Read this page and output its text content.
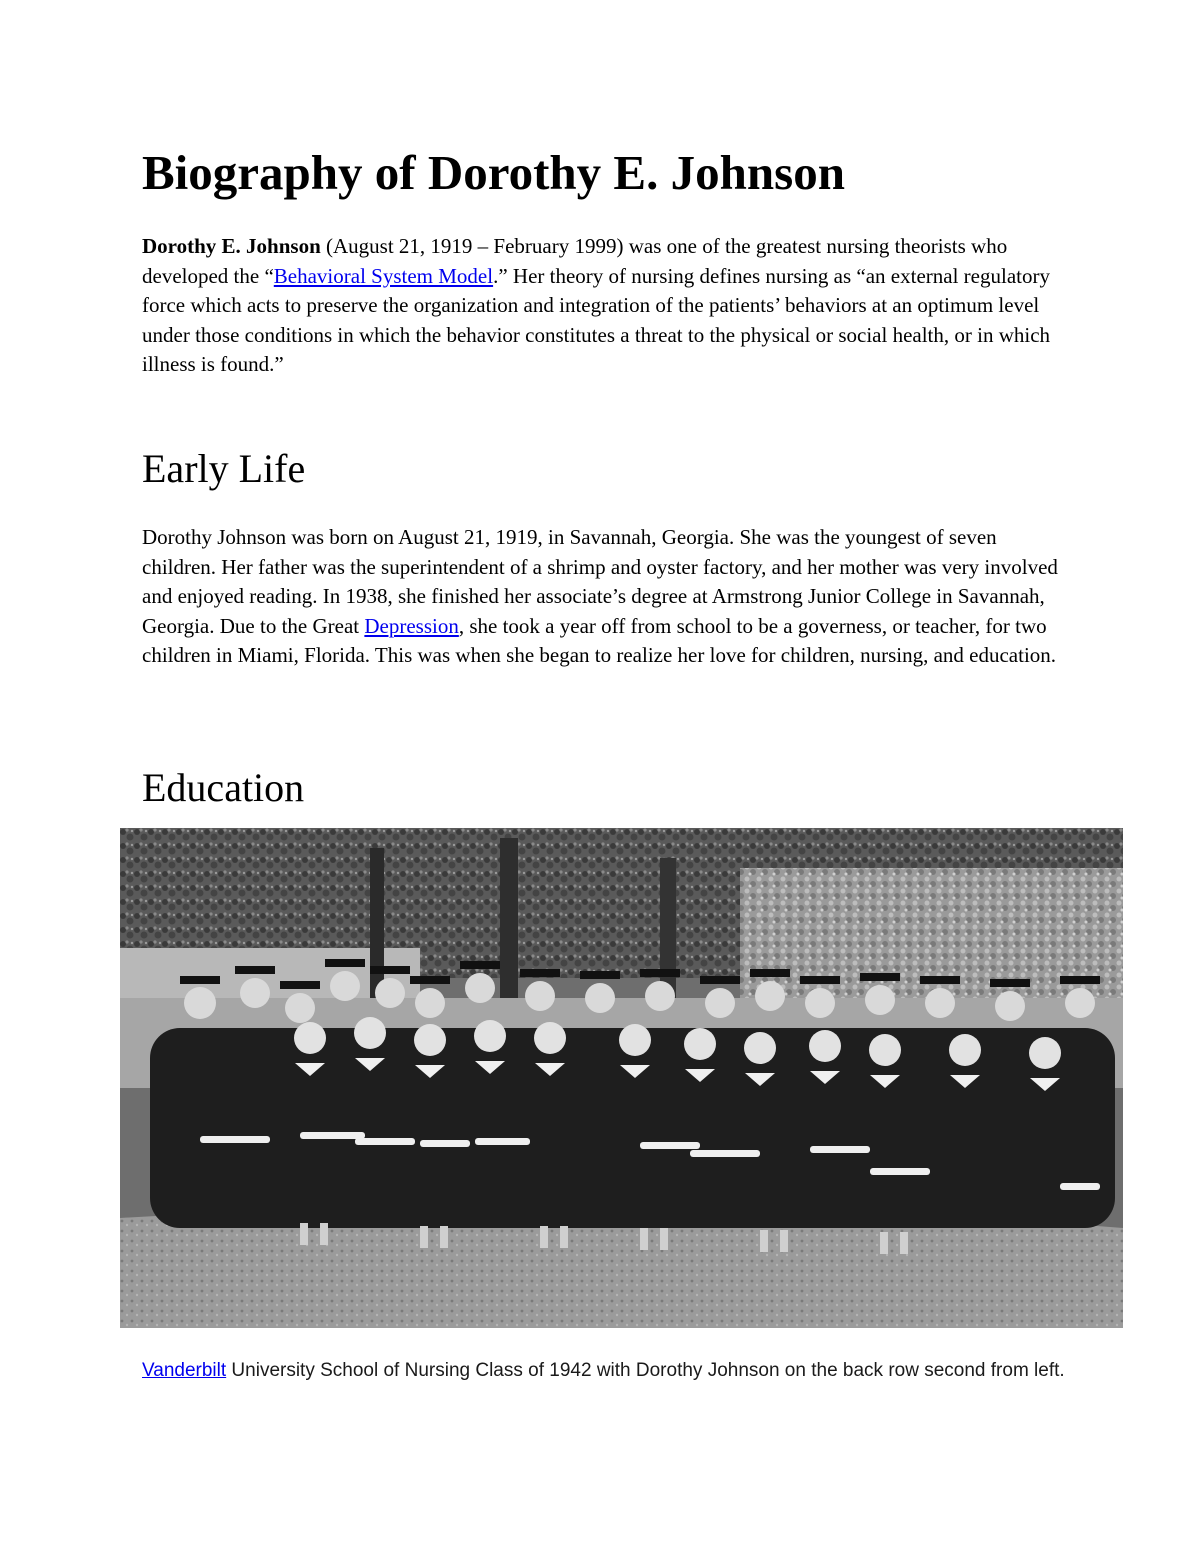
Biography of Dorothy E. Johnson

Dorothy E. Johnson (August 21, 1919 – February 1999) was one of the greatest nursing theorists who developed the “Behavioral System Model.” Her theory of nursing defines nursing as “an external regulatory force which acts to preserve the organization and integration of the patients’ behaviors at an optimum level under those conditions in which the behavior constitutes a threat to the physical or social health, or in which illness is found.”

Early Life

Dorothy Johnson was born on August 21, 1919, in Savannah, Georgia. She was the youngest of seven children. Her father was the superintendent of a shrimp and oyster factory, and her mother was very involved and enjoyed reading. In 1938, she finished her associate’s degree at Armstrong Junior College in Savannah, Georgia. Due to the Great Depression, she took a year off from school to be a governess, or teacher, for two children in Miami, Florida. This was when she began to realize her love for children, nursing, and education.

Education

Vanderbilt University School of Nursing Class of 1942 with Dorothy Johnson on the back row second from left.
